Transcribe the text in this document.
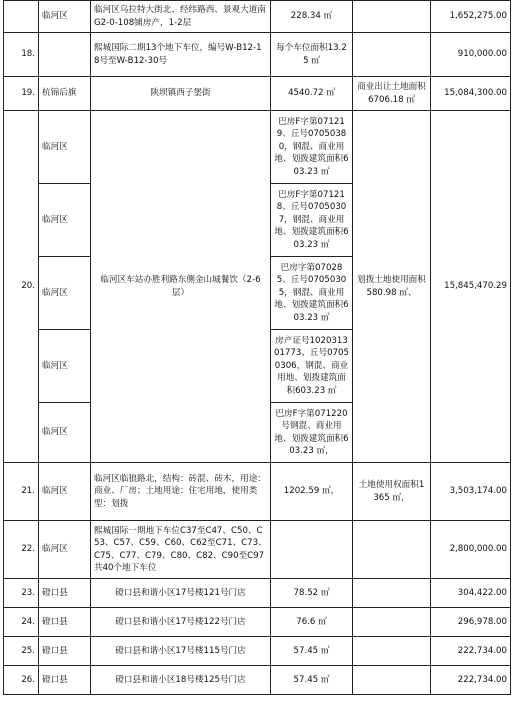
	临河区	临河区乌拉特大街北、经纬路西、景观大道南G2-0-108铺房产，1-2层	228.34 ㎡		1,652,275.00
18.		熙城国际二期13个地下车位，编号W-B12-18号至W-B12-30号	每个车位面积13.25 ㎡		910,000.00
19.	杭锦后旗	陕坝镇西子堡街	4540.72 ㎡	商业出让土地面积6706.18 ㎡	15,084,300.00
20.	临河区	临河区车站办胜利路东侧金山城餐饮（2-6层）	巴房F字第071219、丘号07050380，钢混、商业用地、划拨建筑面积603.23 ㎡	划拨土地使用面积580.98 ㎡、	15,845,470.29
	临河区		巴房F字第071218、丘号07050307，钢混、商业用地、划拨建筑面积603.23 ㎡		
	临河区		巴房字第070285、丘号07050305，钢混、商业用地、划拨建筑面积603.23 ㎡		
	临河区		房产证号102031301773、丘号07050306，钢混、商业用地、划拨建筑面积603.23 ㎡		
	临河区		巴房F字第071220号钢混、商业用地、划拨建筑面积603.23 ㎡，		
21.	临河区	临河区临狼路北，结构：砖混、砖木，用途：商业、厂房；土地用途：住宅用地，使用类型：划拨	1202.59 ㎡，	土地使用权面积1365 ㎡，	3,503,174.00
22.	临河区	熙城国际一期地下车位C37至C47、C50、C53、C57、C59、C60、C62至C71、C73、C75、C77、C79、C80、C82、C90至C97共40个地下车位			2,800,000.00
23.	磴口县	磴口县和谐小区17号楼121号门店	78.52 ㎡		304,422.00
24.	磴口县	磴口县和谐小区17号楼122号门店	76.6 ㎡		296,978.00
25.	磴口县	磴口县和谐小区17号楼115号门店	57.45 ㎡		222,734.00
26.	磴口县	磴口县和谐小区18号楼125号门店	57.45 ㎡		222,734.00
